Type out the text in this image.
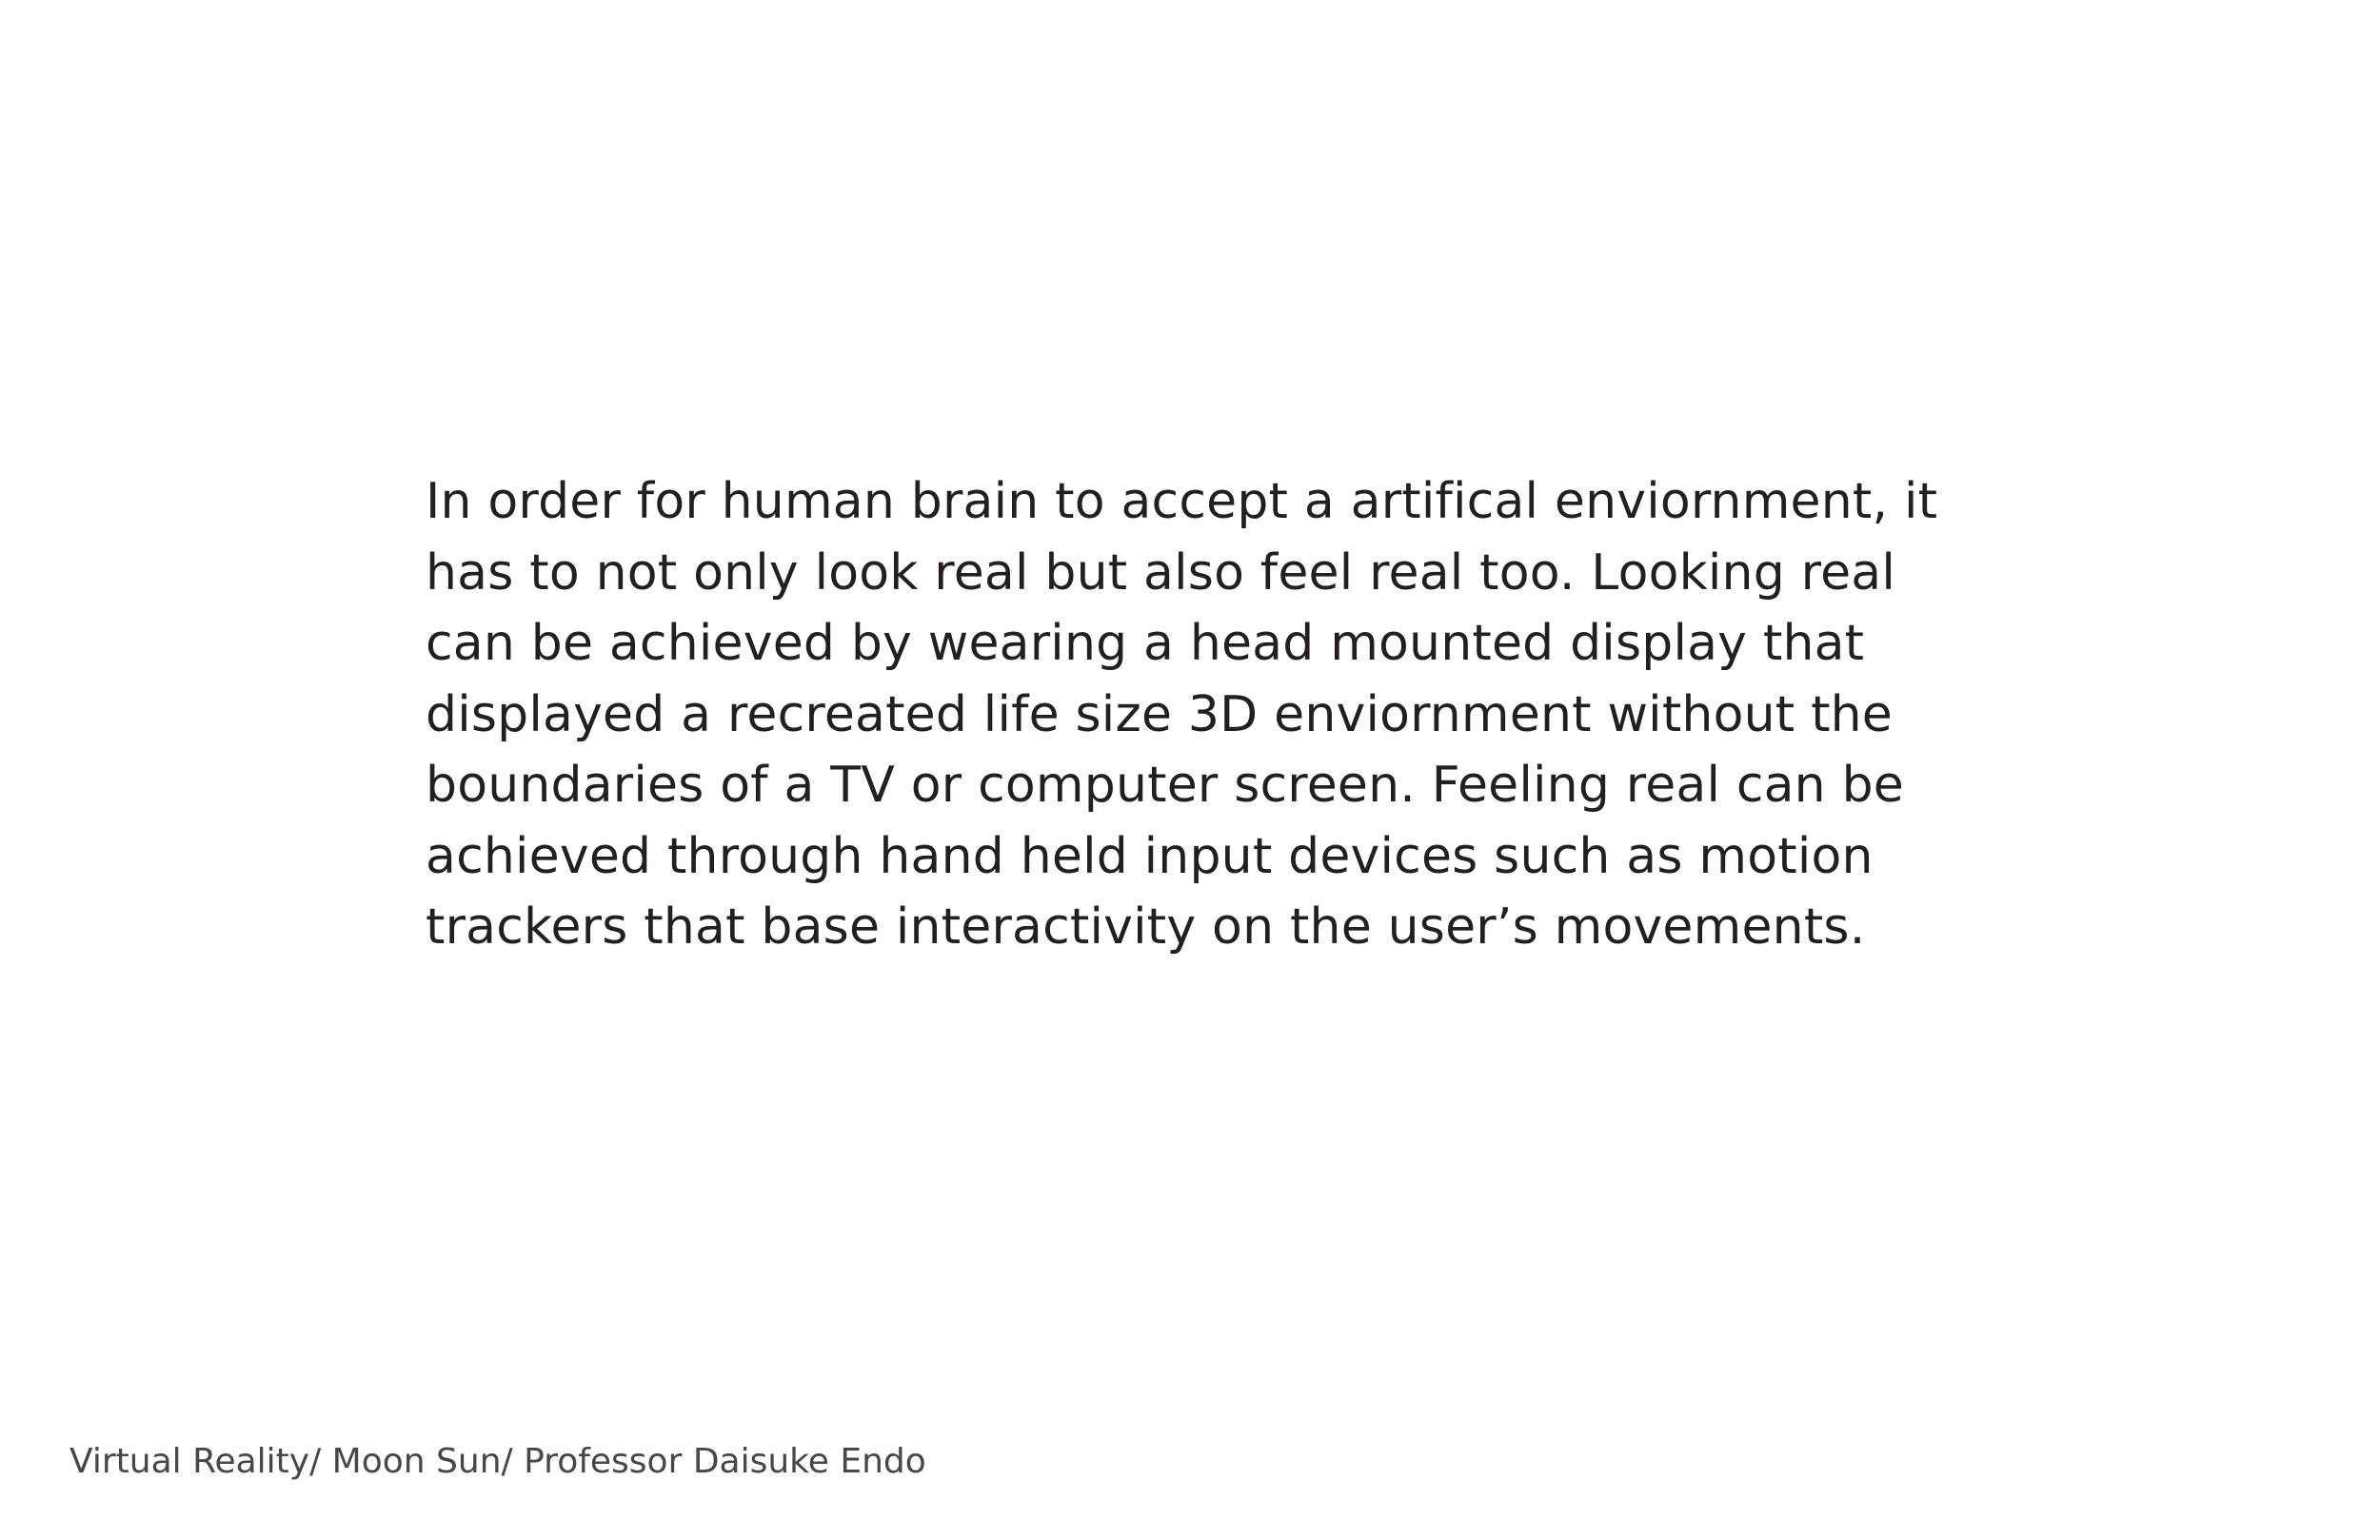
In order for human brain to accept a artifical enviornment, it
has to not only look real but also feel real too. Looking real
can be achieved by wearing a head mounted display that
displayed a recreated life size 3D enviornment without the
boundaries of a TV or computer screen. Feeling real can be
achieved through hand held input devices such as motion
trackers that base interactivity on the user’s movements.

Virtual Reality/ Moon Sun/ Professor Daisuke Endo
